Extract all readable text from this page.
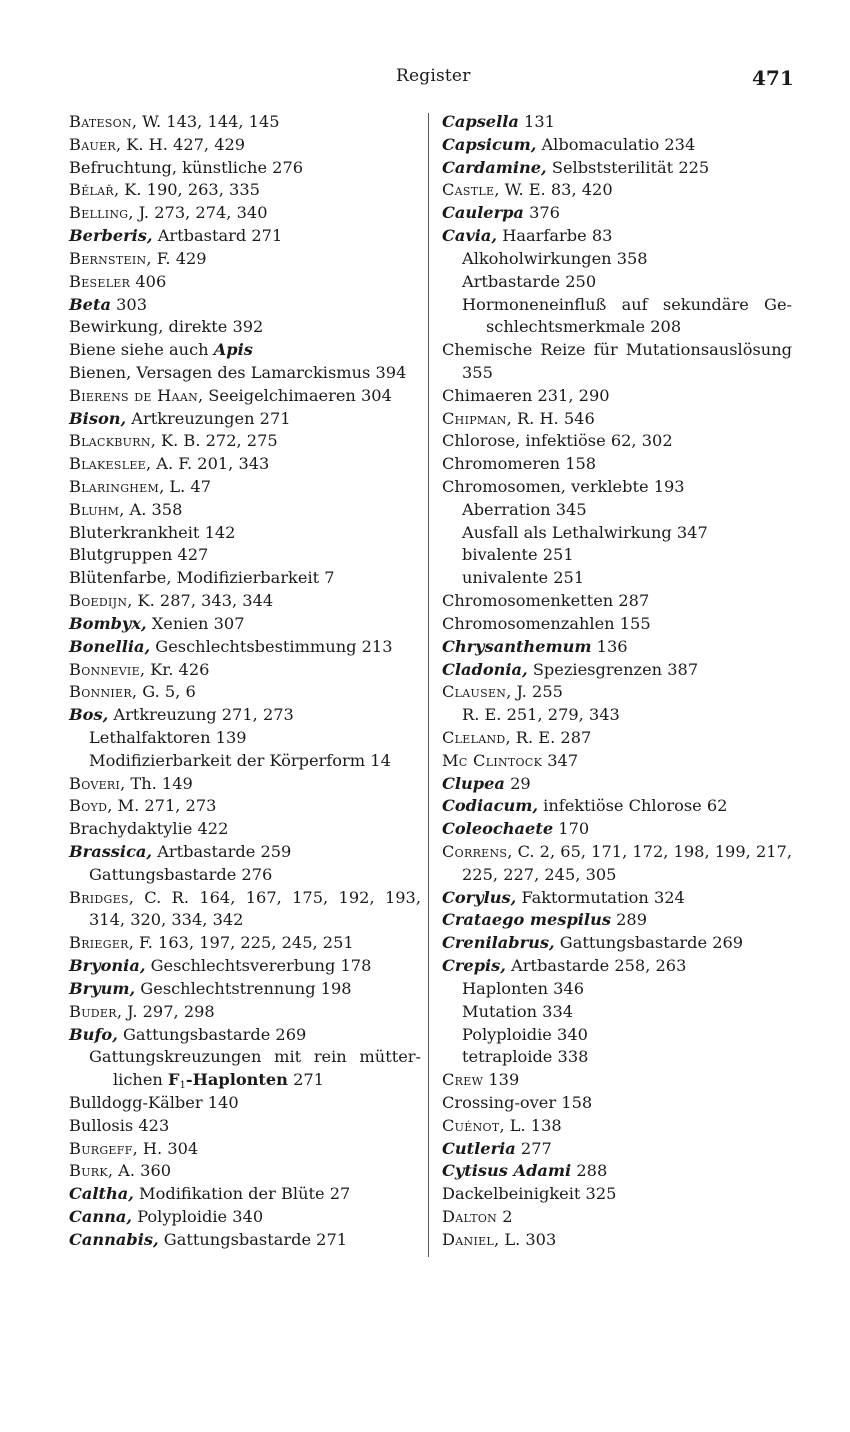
Register	471
Bateson, W. 143, 144, 145
Bauer, K. H. 427, 429
Befruchtung, künstliche 276
Bělař, K. 190, 263, 335
Belling, J. 273, 274, 340
Berberis, Artbastard 271
Bernstein, F. 429
Beseler 406
Beta 303
Bewirkung, direkte 392
Biene siehe auch Apis
Bienen, Versagen des Lamarckismus 394
Bierens de Haan, Seeigelchimaeren 304
Bison, Artkreuzungen 271
Blackburn, K. B. 272, 275
Blakeslee, A. F. 201, 343
Blaringhem, L. 47
Bluhm, A. 358
Bluterkrankheit 142
Blutgruppen 427
Blütenfarbe, Modifizierbarkeit 7
Boedijn, K. 287, 343, 344
Bombyx, Xenien 307
Bonellia, Geschlechtsbestimmung 213
Bonnevie, Kr. 426
Bonnier, G. 5, 6
Bos, Artkreuzung 271, 273
Lethalfaktoren 139
Modifizierbarkeit der Körperform 14
Boveri, Th. 149
Boyd, M. 271, 273
Brachydaktylie 422
Brassica, Artbastarde 259
Gattungsbastarde 276
Bridges, C. R. 164, 167, 175, 192, 193,
314, 320, 334, 342
Brieger, F. 163, 197, 225, 245, 251
Bryonia, Geschlechtsvererbung 178
Bryum, Geschlechtstrennung 198
Buder, J. 297, 298
Bufo, Gattungsbastarde 269
Gattungskreuzungen mit rein mütter-
lichen $F_1$-Haplonten 271
Bulldogg-Kälber 140
Bullosis 423
Burgeff, H. 304
Burk, A. 360
Caltha, Modifikation der Blüte 27
Canna, Polyploidie 340
Cannabis, Gattungsbastarde 271
Capsella 131
Capsicum, Albomaculatio 234
Cardamine, Selbststerilität 225
Castle, W. E. 83, 420
Caulerpa 376
Cavia, Haarfarbe 83
Alkoholwirkungen 358
Artbastarde 250
Hormoneneinfluß auf sekundäre Ge-
schlechtsmerkmale 208
Chemische Reize für Mutationsauslösung
355
Chimaeren 231, 290
Chipman, R. H. 546
Chlorose, infektiöse 62, 302
Chromomeren 158
Chromosomen, verklebte 193
Aberration 345
Ausfall als Lethalwirkung 347
bivalente 251
univalente 251
Chromosomenketten 287
Chromosomenzahlen 155
Chrysanthemum 136
Cladonia, Speziesgrenzen 387
Clausen, J. 255
R. E. 251, 279, 343
Cleland, R. E. 287
Mc Clintock 347
Clupea 29
Codiacum, infektiöse Chlorose 62
Coleochaete 170
Correns, C. 2, 65, 171, 172, 198, 199, 217,
225, 227, 245, 305
Corylus, Faktormutation 324
Crataego mespilus 289
Crenilabrus, Gattungsbastarde 269
Crepis, Artbastarde 258, 263
Haplonten 346
Mutation 334
Polyploidie 340
tetraploide 338
Crew 139
Crossing-over 158
Cuénot, L. 138
Cutleria 277
Cytisus Adami 288
Dackelbeinigkeit 325
Dalton 2
Daniel, L. 303
